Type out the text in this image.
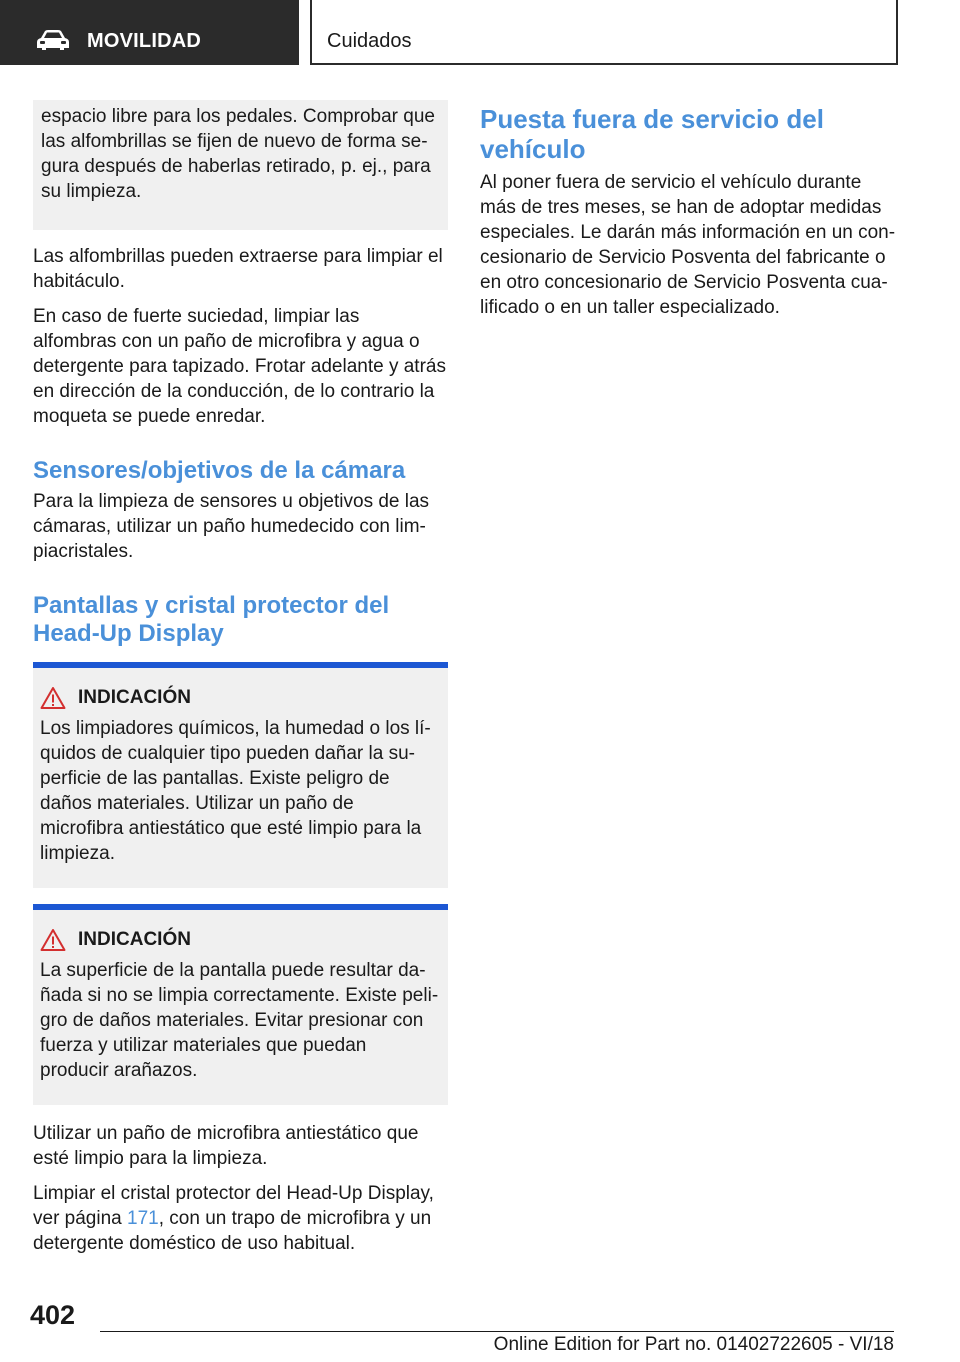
MOVILIDAD	Cuidados

espacio libre para los pedales. Comprobar que las alfombrillas se fijen de nuevo de forma segura después de haberlas retirado, p. ej., para su limpieza.

Las alfombrillas pueden extraerse para limpiar el habitáculo.

En caso de fuerte suciedad, limpiar las alfombras con un paño de microfibra y agua o detergente para tapizado. Frotar adelante y atrás en dirección de la conducción, de lo contrario la moqueta se puede enredar.

Sensores/objetivos de la cámara

Para la limpieza de sensores u objetivos de las cámaras, utilizar un paño humedecido con limpiacristales.

Pantallas y cristal protector del Head-Up Display
INDICACIÓN

Los limpiadores químicos, la humedad o los líquidos de cualquier tipo pueden dañar la superficie de las pantallas. Existe peligro de daños materiales. Utilizar un paño de microfibra antiestático que esté limpio para la limpieza.

INDICACIÓN

La superficie de la pantalla puede resultar dañada si no se limpia correctamente. Existe peligro de daños materiales. Evitar presionar con fuerza y utilizar materiales que puedan producir arañazos.

Utilizar un paño de microfibra antiestático que esté limpio para la limpieza.

Limpiar el cristal protector del Head-Up Display, ver página 171, con un trapo de microfibra y un detergente doméstico de uso habitual.

Puesta fuera de servicio del vehículo

Al poner fuera de servicio el vehículo durante más de tres meses, se han de adoptar medidas especiales. Le darán más información en un concesionario de Servicio Posventa del fabricante o en otro concesionario de Servicio Posventa cualificado o en un taller especializado.

402
Online Edition for Part no. 01402722605 - VI/18
